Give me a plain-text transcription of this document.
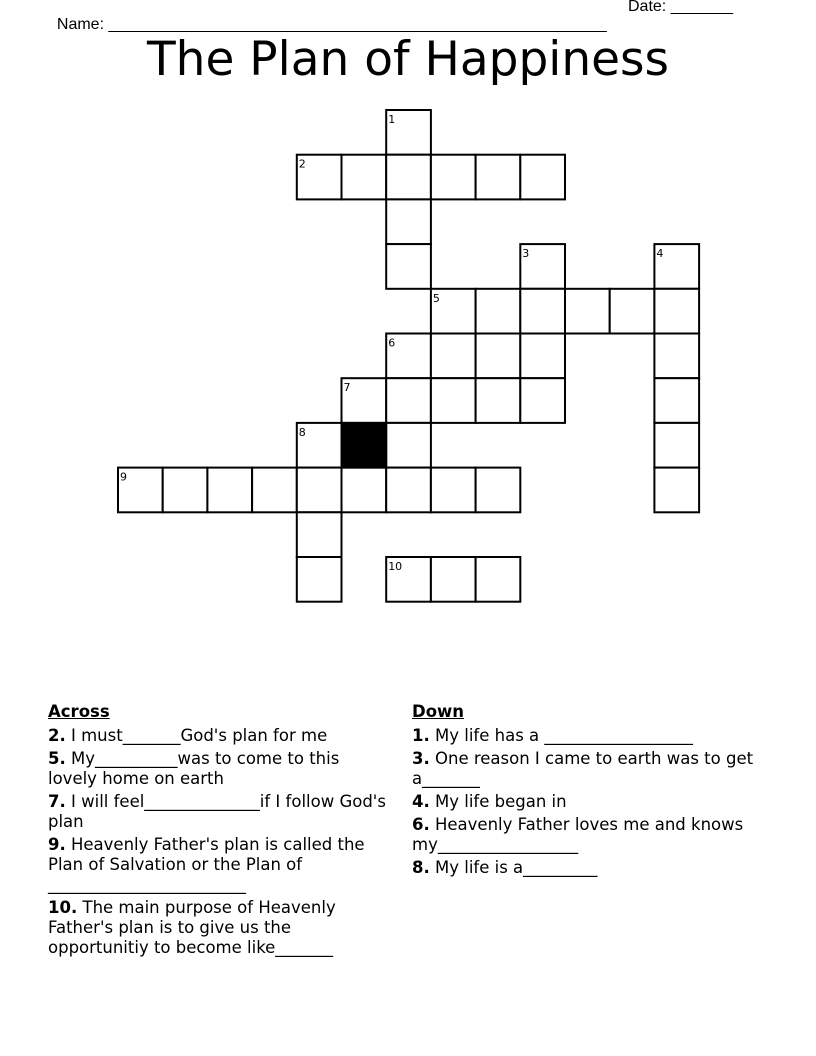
Name: ________________________________________________________

Date: _______

The Plan of Happiness
1
2
3	4
5
6
7
8
9
10
Across
2. I must_______God's plan for me
5. My__________was to come to this lovely home on earth
7. I will feel______________if I follow God's plan
9. Heavenly Father's plan is called the Plan of Salvation or the Plan of ________________________
10. The main purpose of Heavenly Father's plan is to give us the opportunitiy to become like_______
Down
1. My life has a __________________
3. One reason I came to earth was to get a_______
4. My life began in
6. Heavenly Father loves me and knows my_________________
8. My life is a_________
